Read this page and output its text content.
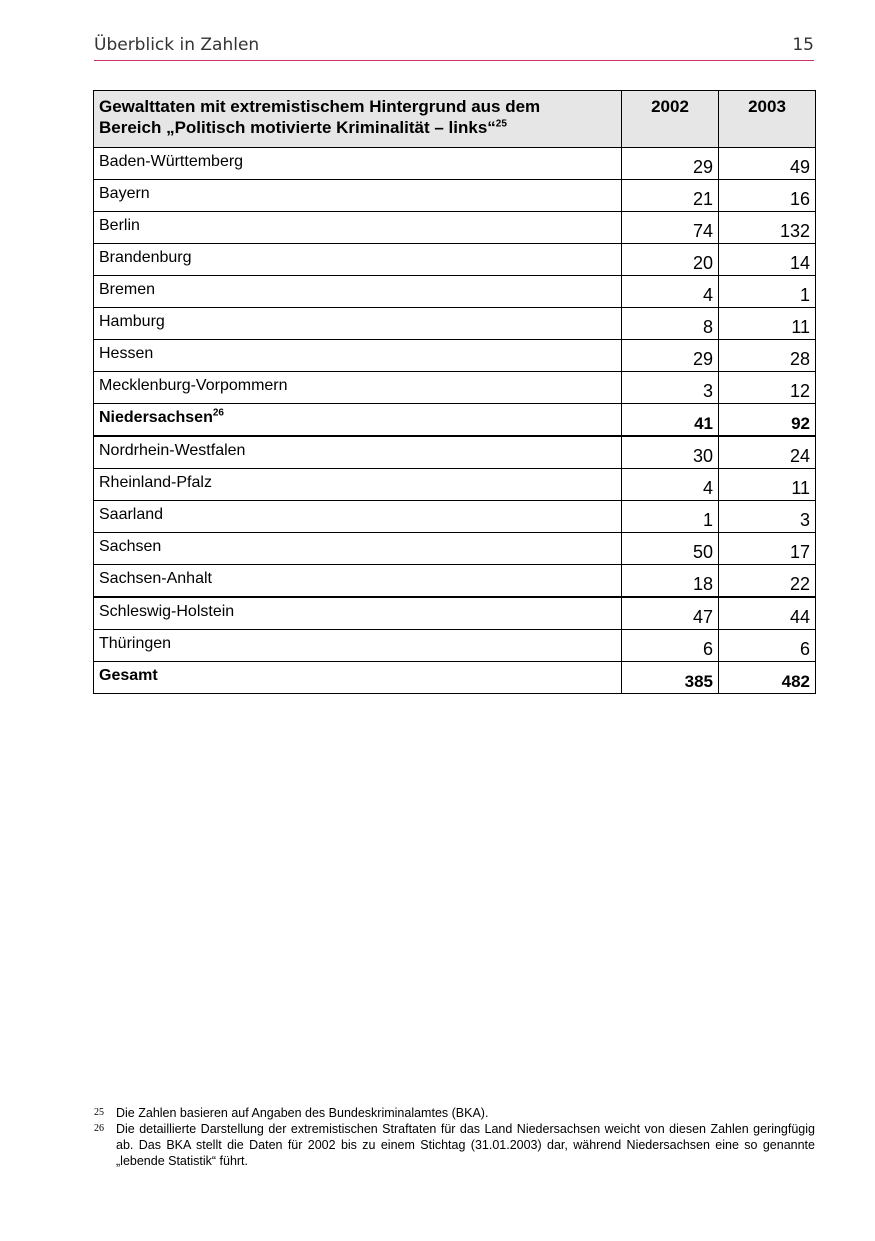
Überblick in Zahlen	15
Gewalttaten mit extremistischem Hintergrund aus dem
Bereich „Politisch motivierte Kriminalität – links“$^{25}$	2002	2003
Baden-Württemberg	29	49
Bayern	21	16
Berlin	74	132
Brandenburg	20	14
Bremen	4	1
Hamburg	8	11
Hessen	29	28
Mecklenburg-Vorpommern	3	12
Niedersachsen$^{26}$	41	92
Nordrhein-Westfalen	30	24
Rheinland-Pfalz	4	11
Saarland	1	3
Sachsen	50	17
Sachsen-Anhalt	18	22
Schleswig-Holstein	47	44
Thüringen	6	6
Gesamt	385	482
25 Die Zahlen basieren auf Angaben des Bundeskriminalamtes (BKA).
26 Die detaillierte Darstellung der extremistischen Straftaten für das Land Niedersachsen weicht von diesen Zahlen geringfügig ab. Das BKA stellt die Daten für 2002 bis zu einem Stichtag (31.01.2003) dar, während Niedersachsen eine so genannte „lebende Statistik“ führt.
